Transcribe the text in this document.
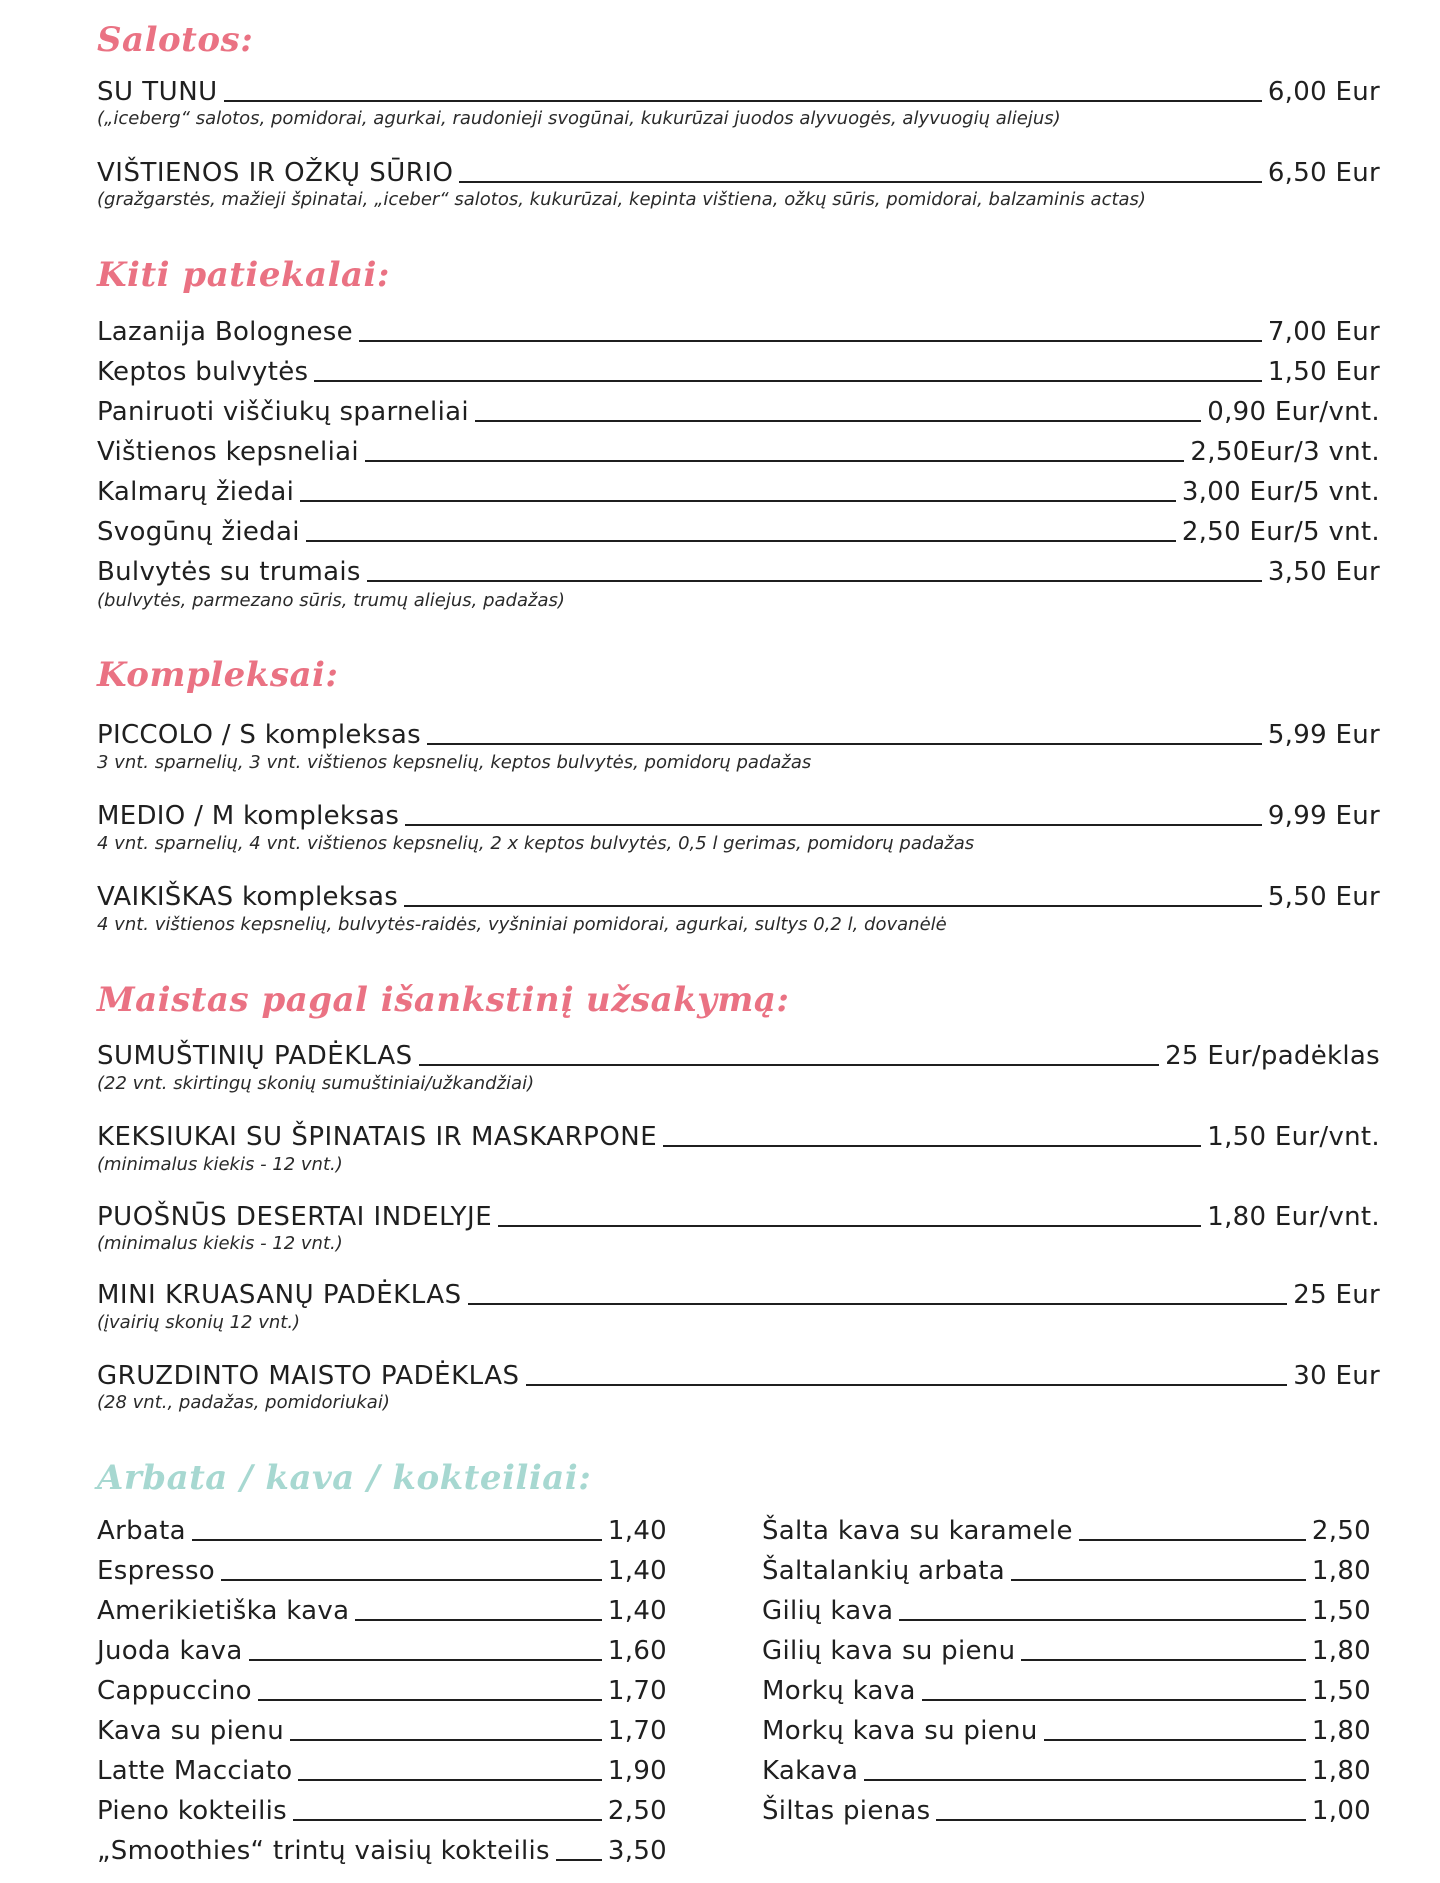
Salotos:
SU TUNU	6,00 Eur
(„iceberg“ salotos, pomidorai, agurkai, raudonieji svogūnai, kukurūzai juodos alyvuogės, alyvuogių aliejus)
VIŠTIENOS IR OŽKŲ SŪRIO	6,50 Eur
(gražgarstės, mažieji špinatai, „iceber“ salotos, kukurūzai, kepinta vištiena, ožkų sūris, pomidorai, balzaminis actas)
Kiti patiekalai:
Lazanija Bolognese	7,00 Eur
Keptos bulvytės	1,50 Eur
Paniruoti viščiukų sparneliai	0,90 Eur/vnt.
Vištienos kepsneliai	2,50Eur/3 vnt.
Kalmarų žiedai	3,00 Eur/5 vnt.
Svogūnų žiedai	2,50 Eur/5 vnt.
Bulvytės su trumais	3,50 Eur
(bulvytės, parmezano sūris, trumų aliejus, padažas)
Kompleksai:
PICCOLO / S kompleksas	5,99 Eur
3 vnt. sparnelių, 3 vnt. vištienos kepsnelių, keptos bulvytės, pomidorų padažas
MEDIO / M kompleksas	9,99 Eur
4 vnt. sparnelių, 4 vnt. vištienos kepsnelių, 2 x keptos bulvytės, 0,5 l gerimas, pomidorų padažas
VAIKIŠKAS kompleksas	5,50 Eur
4 vnt. vištienos kepsnelių, bulvytės-raidės, vyšniniai pomidorai, agurkai, sultys 0,2 l, dovanėlė
Maistas pagal išankstinį užsakymą:
SUMUŠTINIŲ PADĖKLAS	25 Eur/padėklas
(22 vnt. skirtingų skonių sumuštiniai/užkandžiai)
KEKSIUKAI SU ŠPINATAIS IR MASKARPONE	1,50 Eur/vnt.
(minimalus kiekis - 12 vnt.)
PUOŠNŪS DESERTAI INDELYJE	1,80 Eur/vnt.
(minimalus kiekis - 12 vnt.)
MINI KRUASANŲ PADĖKLAS	25 Eur
(įvairių skonių 12 vnt.)
GRUZDINTO MAISTO PADĖKLAS	30 Eur
(28 vnt., padažas, pomidoriukai)
Arbata / kava / kokteiliai:
Arbata	1,40
Espresso	1,40
Amerikietiška kava	1,40
Juoda kava	1,60
Cappuccino	1,70
Kava su pienu	1,70
Latte Macciato	1,90
Pieno kokteilis	2,50
„Smoothies“ trintų vaisių kokteilis 3,50
Šalta kava su karamele	2,50
Šaltalankių arbata	1,80
Gilių kava	1,50
Gilių kava su pienu	1,80
Morkų kava	1,50
Morkų kava su pienu	1,80
Kakava	1,80
Šiltas pienas	1,00
